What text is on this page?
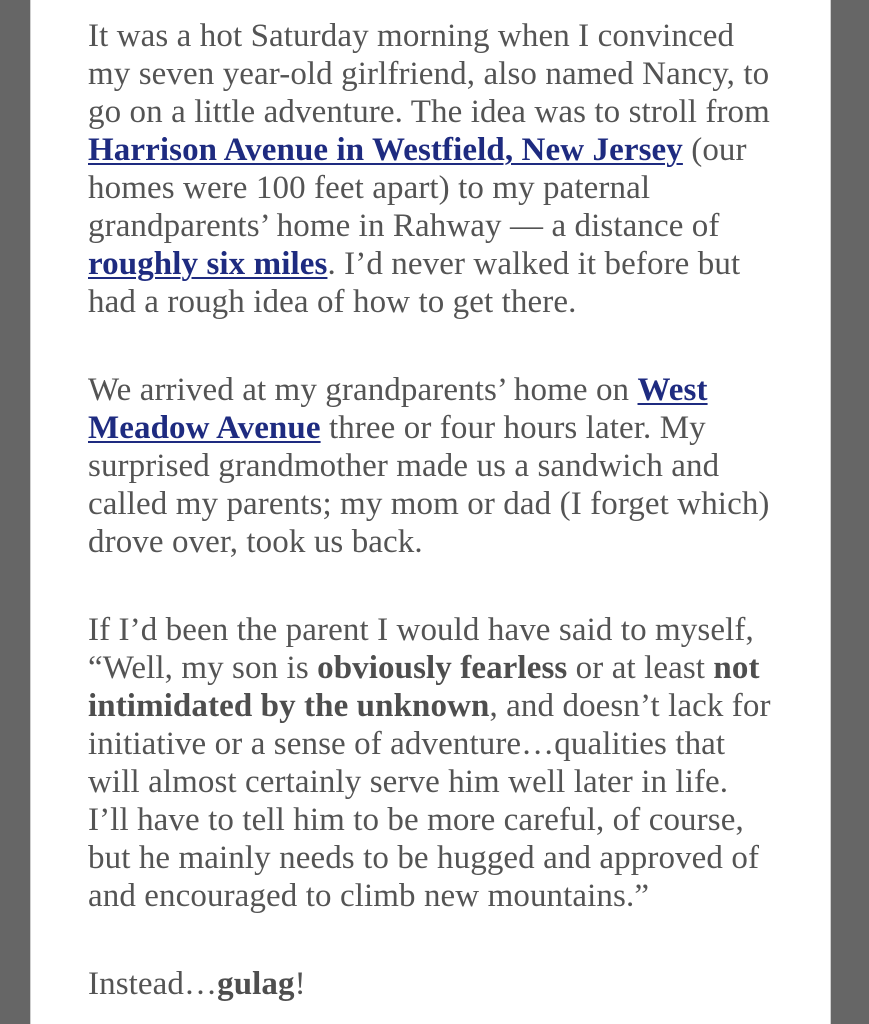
It was a hot Saturday morning when I convinced
my seven year-old girlfriend, also named Nancy, to
go on a little adventure. The idea was to stroll from
Harrison Avenue in Westfield, New Jersey (our
homes were 100 feet apart) to my paternal
grandparents’ home in Rahway — a distance of
roughly six miles. I’d never walked it before but
had a rough idea of how to get there.

We arrived at my grandparents’ home on West
Meadow Avenue three or four hours later. My
surprised grandmother made us a sandwich and
called my parents; my mom or dad (I forget which)
drove over, took us back.

If I’d been the parent I would have said to myself,
“Well, my son is obviously fearless or at least not
intimidated by the unknown, and doesn’t lack for
initiative or a sense of adventure…qualities that
will almost certainly serve him well later in life.
I’ll have to tell him to be more careful, of course,
but he mainly needs to be hugged and approved of
and encouraged to climb new mountains.”

Instead…gulag!
